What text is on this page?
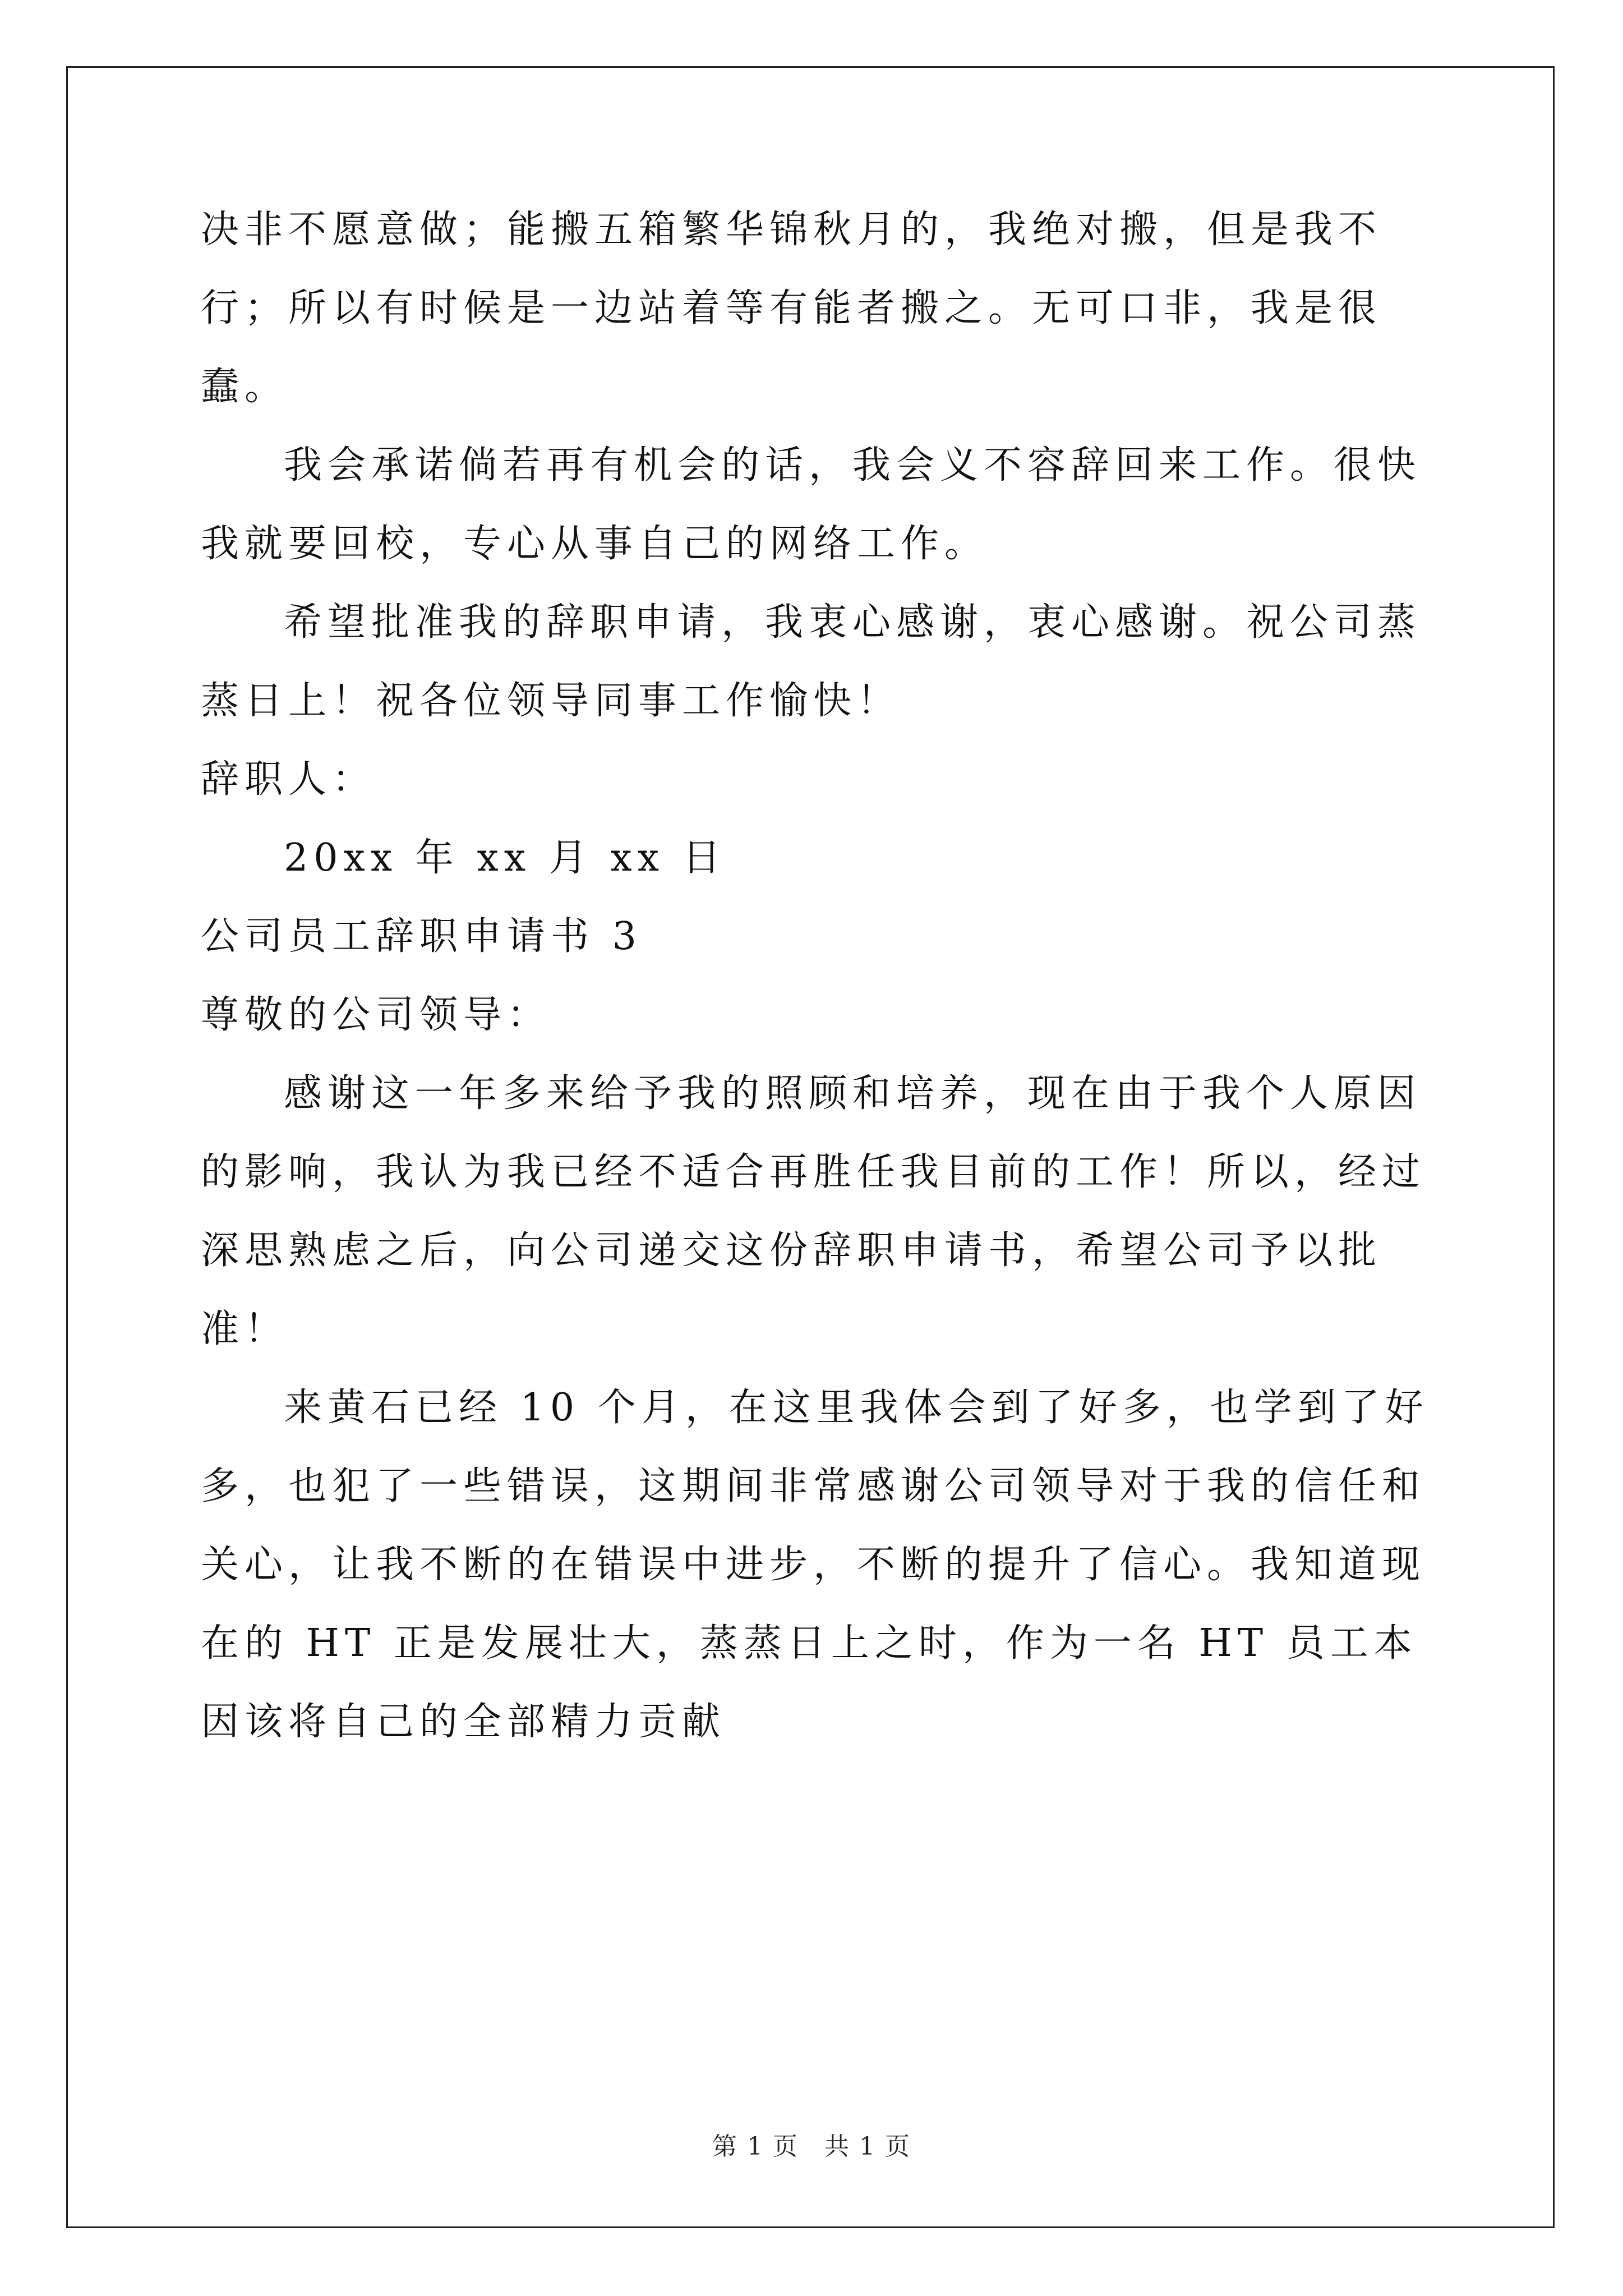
决非不愿意做；能搬五箱繁华锦秋月的，我绝对搬，但是我不行；所以有时候是一边站着等有能者搬之。无可口非，我是很蠢。

我会承诺倘若再有机会的话，我会义不容辞回来工作。很快我就要回校，专心从事自己的网络工作。

希望批准我的辞职申请，我衷心感谢，衷心感谢。祝公司蒸蒸日上！祝各位领导同事工作愉快！

辞职人：

20xx 年 xx 月 xx 日

公司员工辞职申请书 3

尊敬的公司领导：

感谢这一年多来给予我的照顾和培养，现在由于我个人原因的影响，我认为我已经不适合再胜任我目前的工作！所以，经过深思熟虑之后，向公司递交这份辞职申请书，希望公司予以批准！

来黄石已经 10 个月，在这里我体会到了好多，也学到了好多，也犯了一些错误，这期间非常感谢公司领导对于我的信任和关心，让我不断的在错误中进步，不断的提升了信心。我知道现在的 HT 正是发展壮大，蒸蒸日上之时，作为一名 HT 员工本因该将自己的全部精力贡献

第 1 页　共 1 页
